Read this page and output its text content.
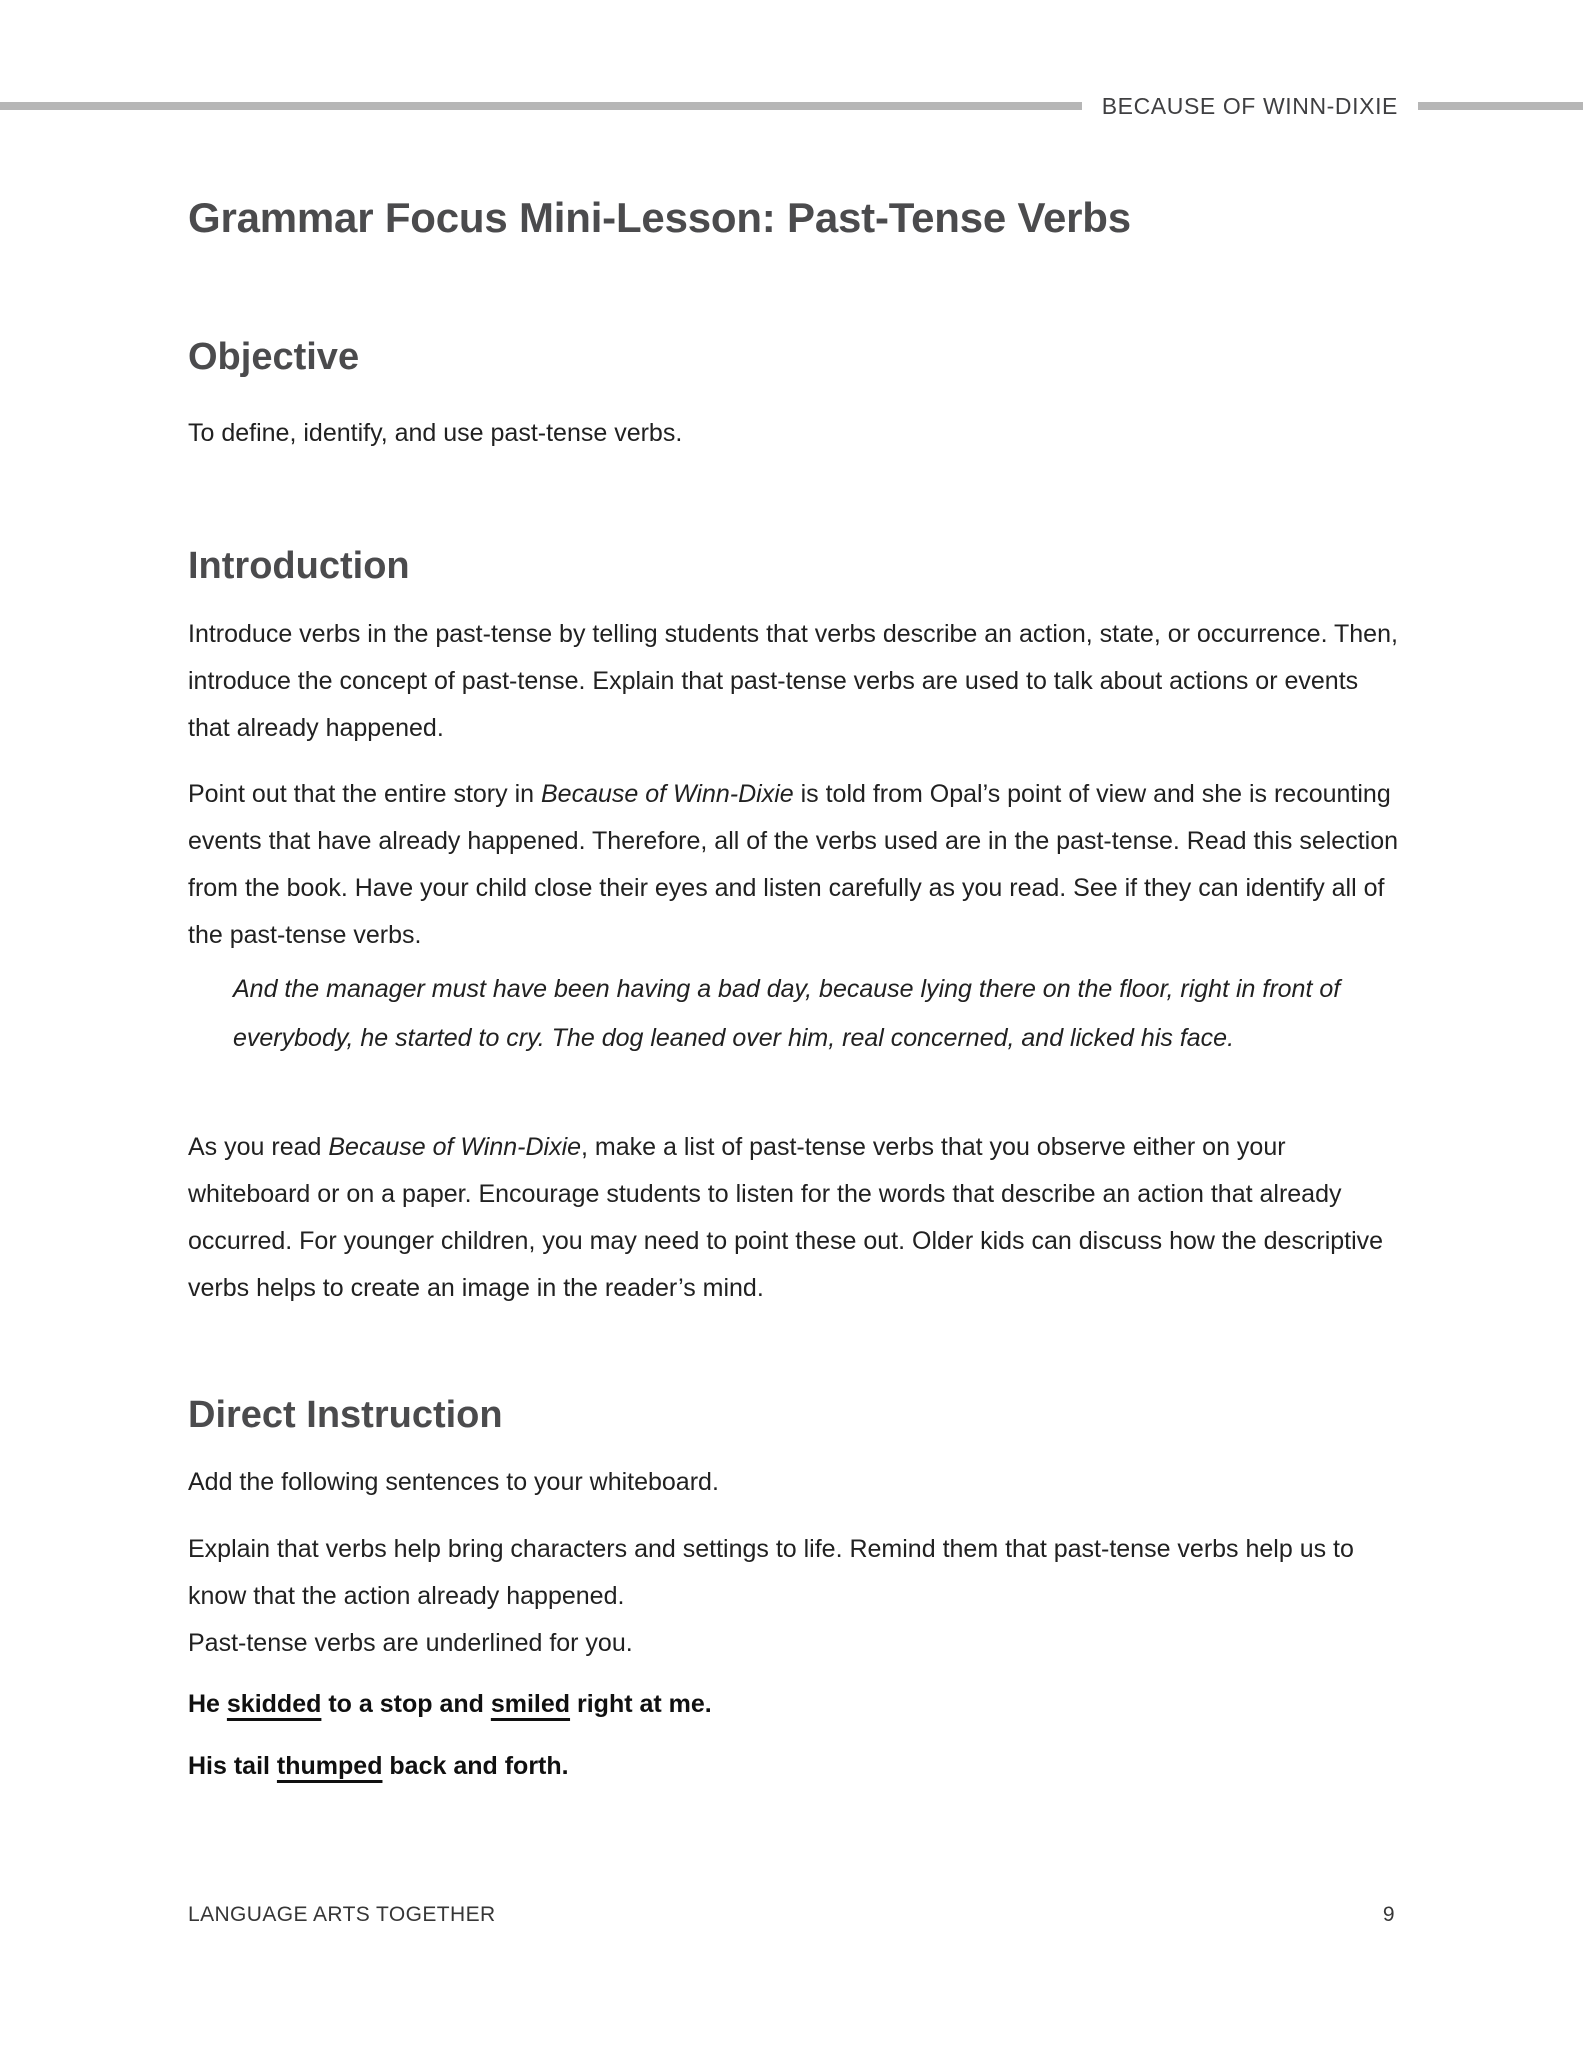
BECAUSE OF WINN-DIXIE
Grammar Focus Mini-Lesson: Past-Tense Verbs
Objective

To define, identify, and use past-tense verbs.

Introduction

Introduce verbs in the past-tense by telling students that verbs describe an action, state, or occurrence. Then, introduce the concept of past-tense. Explain that past-tense verbs are used to talk about actions or events that already happened.

Point out that the entire story in Because of Winn-Dixie is told from Opal’s point of view and she is recounting events that have already happened. Therefore, all of the verbs used are in the past-tense. Read this selection from the book. Have your child close their eyes and listen carefully as you read. See if they can identify all of the past-tense verbs.

And the manager must have been having a bad day, because lying there on the floor, right in front of everybody, he started to cry. The dog leaned over him, real concerned, and licked his face.

As you read Because of Winn-Dixie, make a list of past-tense verbs that you observe either on your whiteboard or on a paper. Encourage students to listen for the words that describe an action that already occurred. For younger children, you may need to point these out. Older kids can discuss how the descriptive verbs helps to create an image in the reader’s mind.

Direct Instruction

Add the following sentences to your whiteboard.

Explain that verbs help bring characters and settings to life. Remind them that past-tense verbs help us to know that the action already happened.
Past-tense verbs are underlined for you.

He skidded to a stop and smiled right at me.

His tail thumped back and forth.

LANGUAGE ARTS TOGETHER	9
